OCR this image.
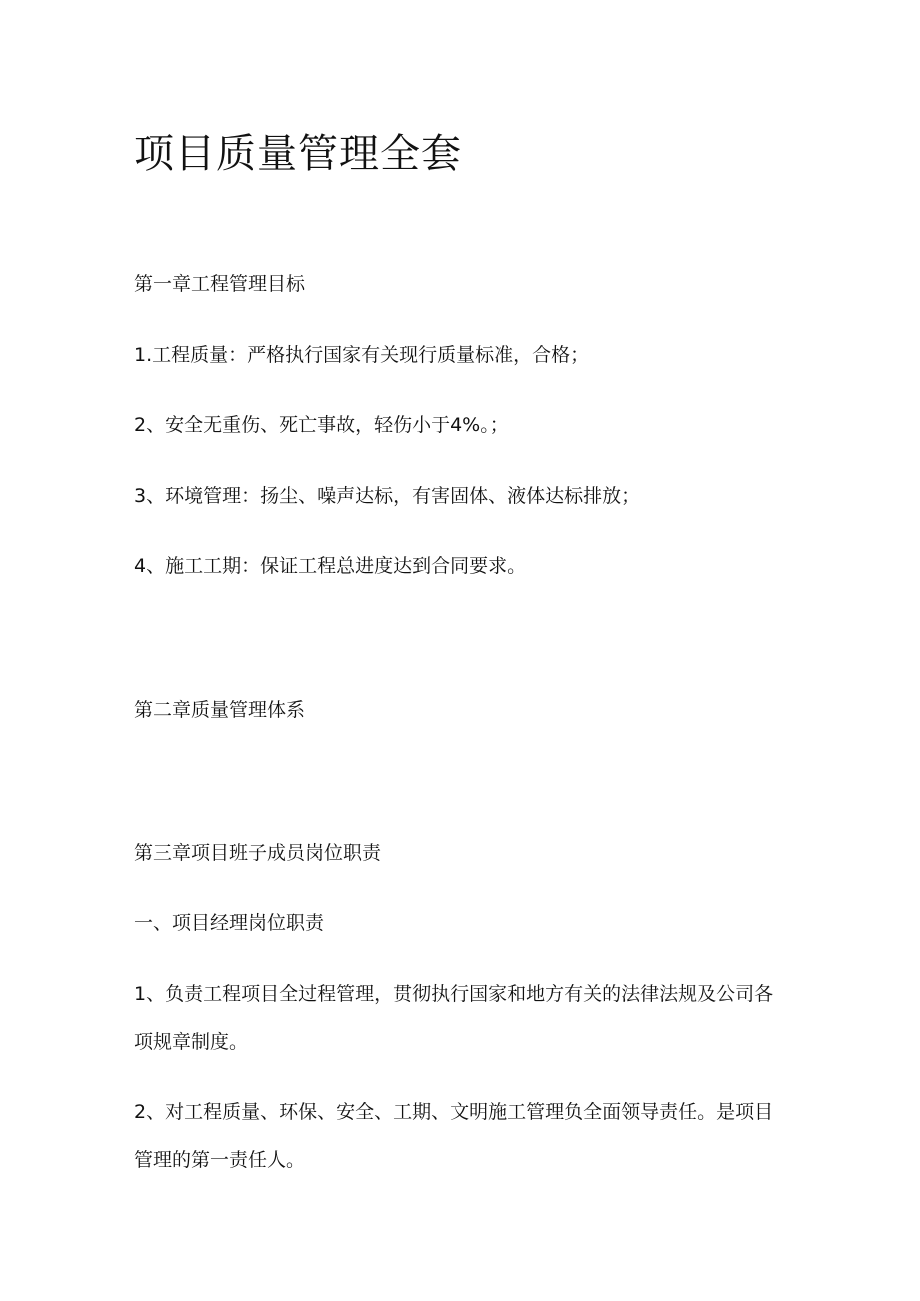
项目质量管理全套

第一章工程管理目标

1.工程质量：严格执行国家有关现行质量标准，合格；

2、安全无重伤、死亡事故，轻伤小于4%。；

3、环境管理：扬尘、噪声达标，有害固体、液体达标排放；

4、施工工期：保证工程总进度达到合同要求。

第二章质量管理体系

第三章项目班子成员岗位职责

一、项目经理岗位职责

1、负责工程项目全过程管理，贯彻执行国家和地方有关的法律法规及公司各项规章制度。

2、对工程质量、环保、安全、工期、文明施工管理负全面领导责任。是项目管理的第一责任人。
